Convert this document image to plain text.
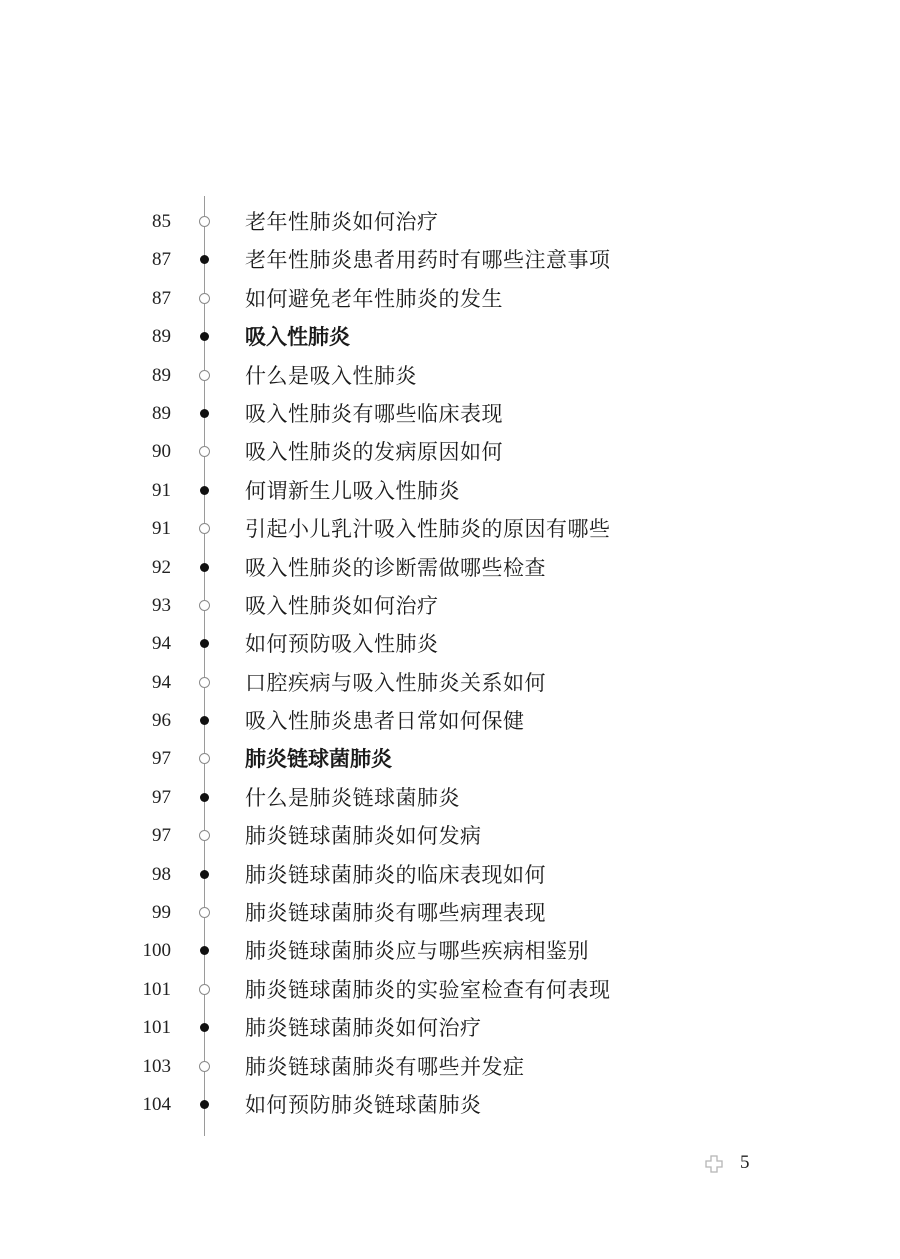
85	老年性肺炎如何治疗
87	老年性肺炎患者用药时有哪些注意事项
87	如何避免老年性肺炎的发生
89	吸入性肺炎
89	什么是吸入性肺炎
89	吸入性肺炎有哪些临床表现
90	吸入性肺炎的发病原因如何
91	何谓新生儿吸入性肺炎
91	引起小儿乳汁吸入性肺炎的原因有哪些
92	吸入性肺炎的诊断需做哪些检查
93	吸入性肺炎如何治疗
94	如何预防吸入性肺炎
94	口腔疾病与吸入性肺炎关系如何
96	吸入性肺炎患者日常如何保健
97	肺炎链球菌肺炎
97	什么是肺炎链球菌肺炎
97	肺炎链球菌肺炎如何发病
98	肺炎链球菌肺炎的临床表现如何
99	肺炎链球菌肺炎有哪些病理表现
100	肺炎链球菌肺炎应与哪些疾病相鉴别
101	肺炎链球菌肺炎的实验室检查有何表现
101	肺炎链球菌肺炎如何治疗
103	肺炎链球菌肺炎有哪些并发症
104	如何预防肺炎链球菌肺炎
5
